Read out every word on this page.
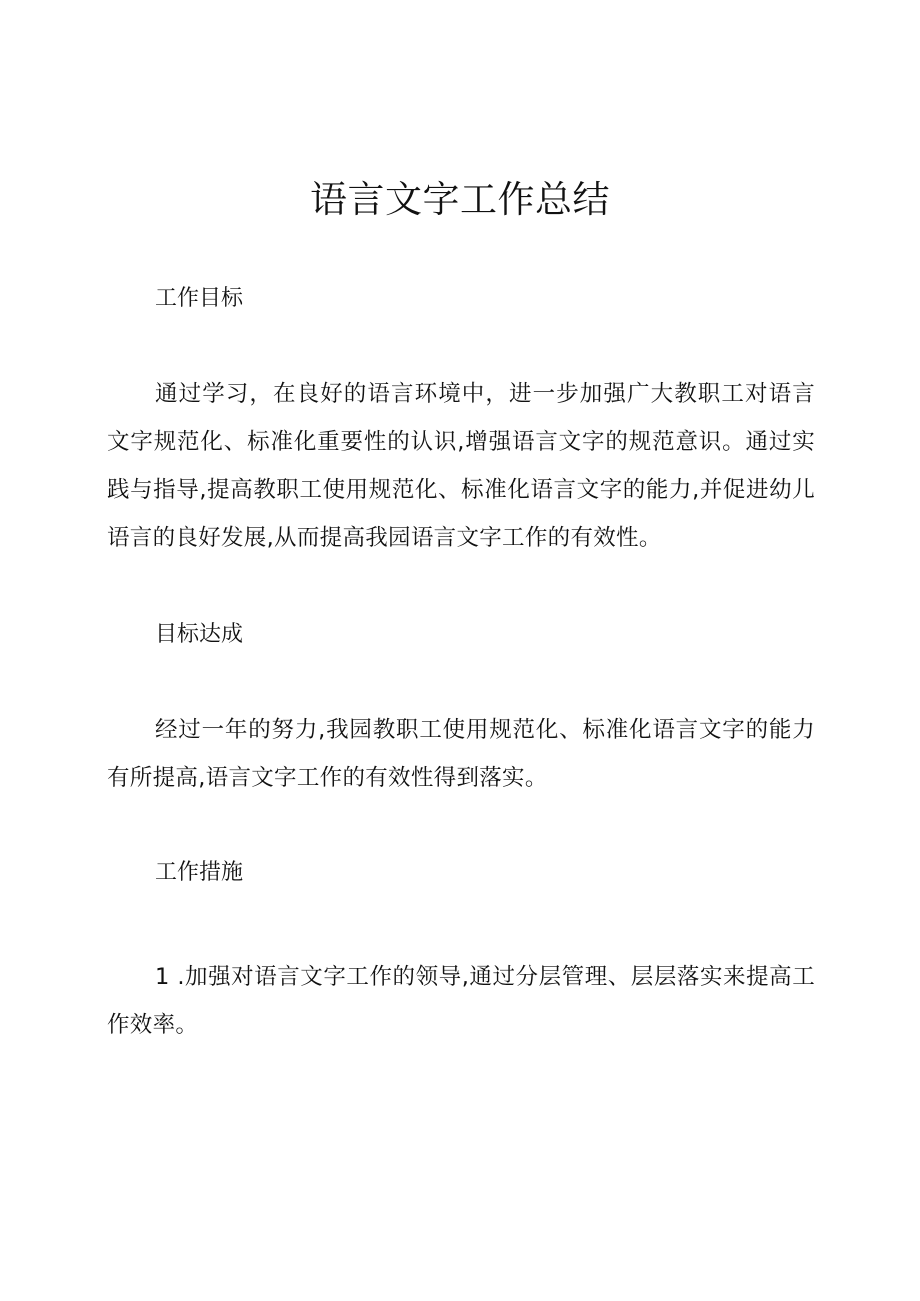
语言文字工作总结
工作目标

通过学习，在良好的语言环境中，进一步加强广大教职工对语言文字规范化、标准化重要性的认识,增强语言文字的规范意识。通过实践与指导,提高教职工使用规范化、标准化语言文字的能力,并促进幼儿语言的良好发展,从而提高我园语言文字工作的有效性。

目标达成

经过一年的努力,我园教职工使用规范化、标准化语言文字的能力有所提高,语言文字工作的有效性得到落实。

工作措施

1 .加强对语言文字工作的领导,通过分层管理、层层落实来提高工作效率。
